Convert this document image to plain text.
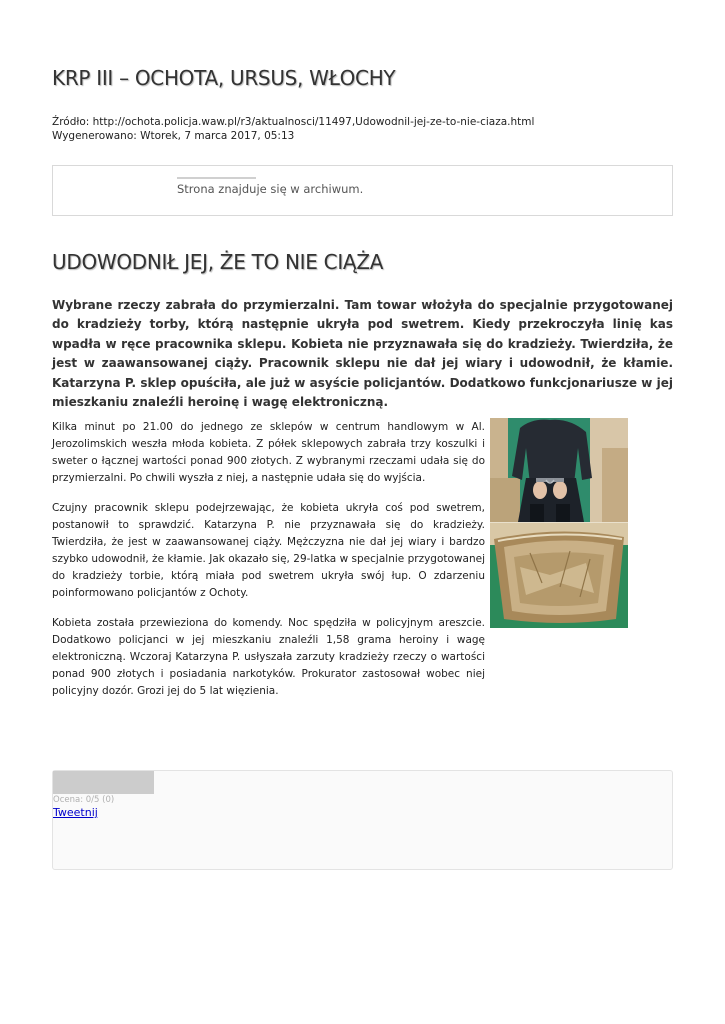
KRP III – OCHOTA, URSUS, WŁOCHY
Źródło: http://ochota.policja.waw.pl/r3/aktualnosci/11497,Udowodnil-jej-ze-to-nie-ciaza.html
Wygenerowano: Wtorek, 7 marca 2017, 05:13
Strona znajduje się w archiwum.
UDOWODNIŁ JEJ, ŻE TO NIE CIĄŻA

Wybrane rzeczy zabrała do przymierzalni. Tam towar włożyła do specjalnie przygotowanej do kradzieży torby, którą następnie ukryła pod swetrem. Kiedy przekroczyła linię kas wpadła w ręce pracownika sklepu. Kobieta nie przyznawała się do kradzieży. Twierdziła, że jest w zaawansowanej ciąży. Pracownik sklepu nie dał jej wiary i udowodnił, że kłamie. Katarzyna P. sklep opuściła, ale już w asyście policjantów. Dodatkowo funkcjonariusze w jej mieszkaniu znaleźli heroinę i wagę elektroniczną.

Kilka minut po 21.00 do jednego ze sklepów w centrum handlowym w Al. Jerozolimskich weszła młoda kobieta. Z półek sklepowych zabrała trzy koszulki i sweter o łącznej wartości ponad 900 złotych. Z wybranymi rzeczami udała się do przymierzalni. Po chwili wyszła z niej, a następnie udała się do wyjścia.

Czujny pracownik sklepu podejrzewając, że kobieta ukryła coś pod swetrem, postanowił to sprawdzić. Katarzyna P. nie przyznawała się do kradzieży. Twierdziła, że jest w zaawansowanej ciąży. Mężczyzna nie dał jej wiary i bardzo szybko udowodnił, że kłamie. Jak okazało się, 29-latka w specjalnie przygotowanej do kradzieży torbie, którą miała pod swetrem ukryła swój łup. O zdarzeniu poinformowano policjantów z Ochoty.

Kobieta została przewieziona do komendy. Noc spędziła w policyjnym areszcie. Dodatkowo policjanci w jej mieszkaniu znaleźli 1,58 grama heroiny i wagę elektroniczną. Wczoraj Katarzyna P. usłyszała zarzuty kradzieży rzeczy o wartości ponad 900 złotych i posiadania narkotyków. Prokurator zastosował wobec niej policyjny dozór. Grozi jej do 5 lat więzienia.

Ocena: 0/5 (0)
Tweetnij
